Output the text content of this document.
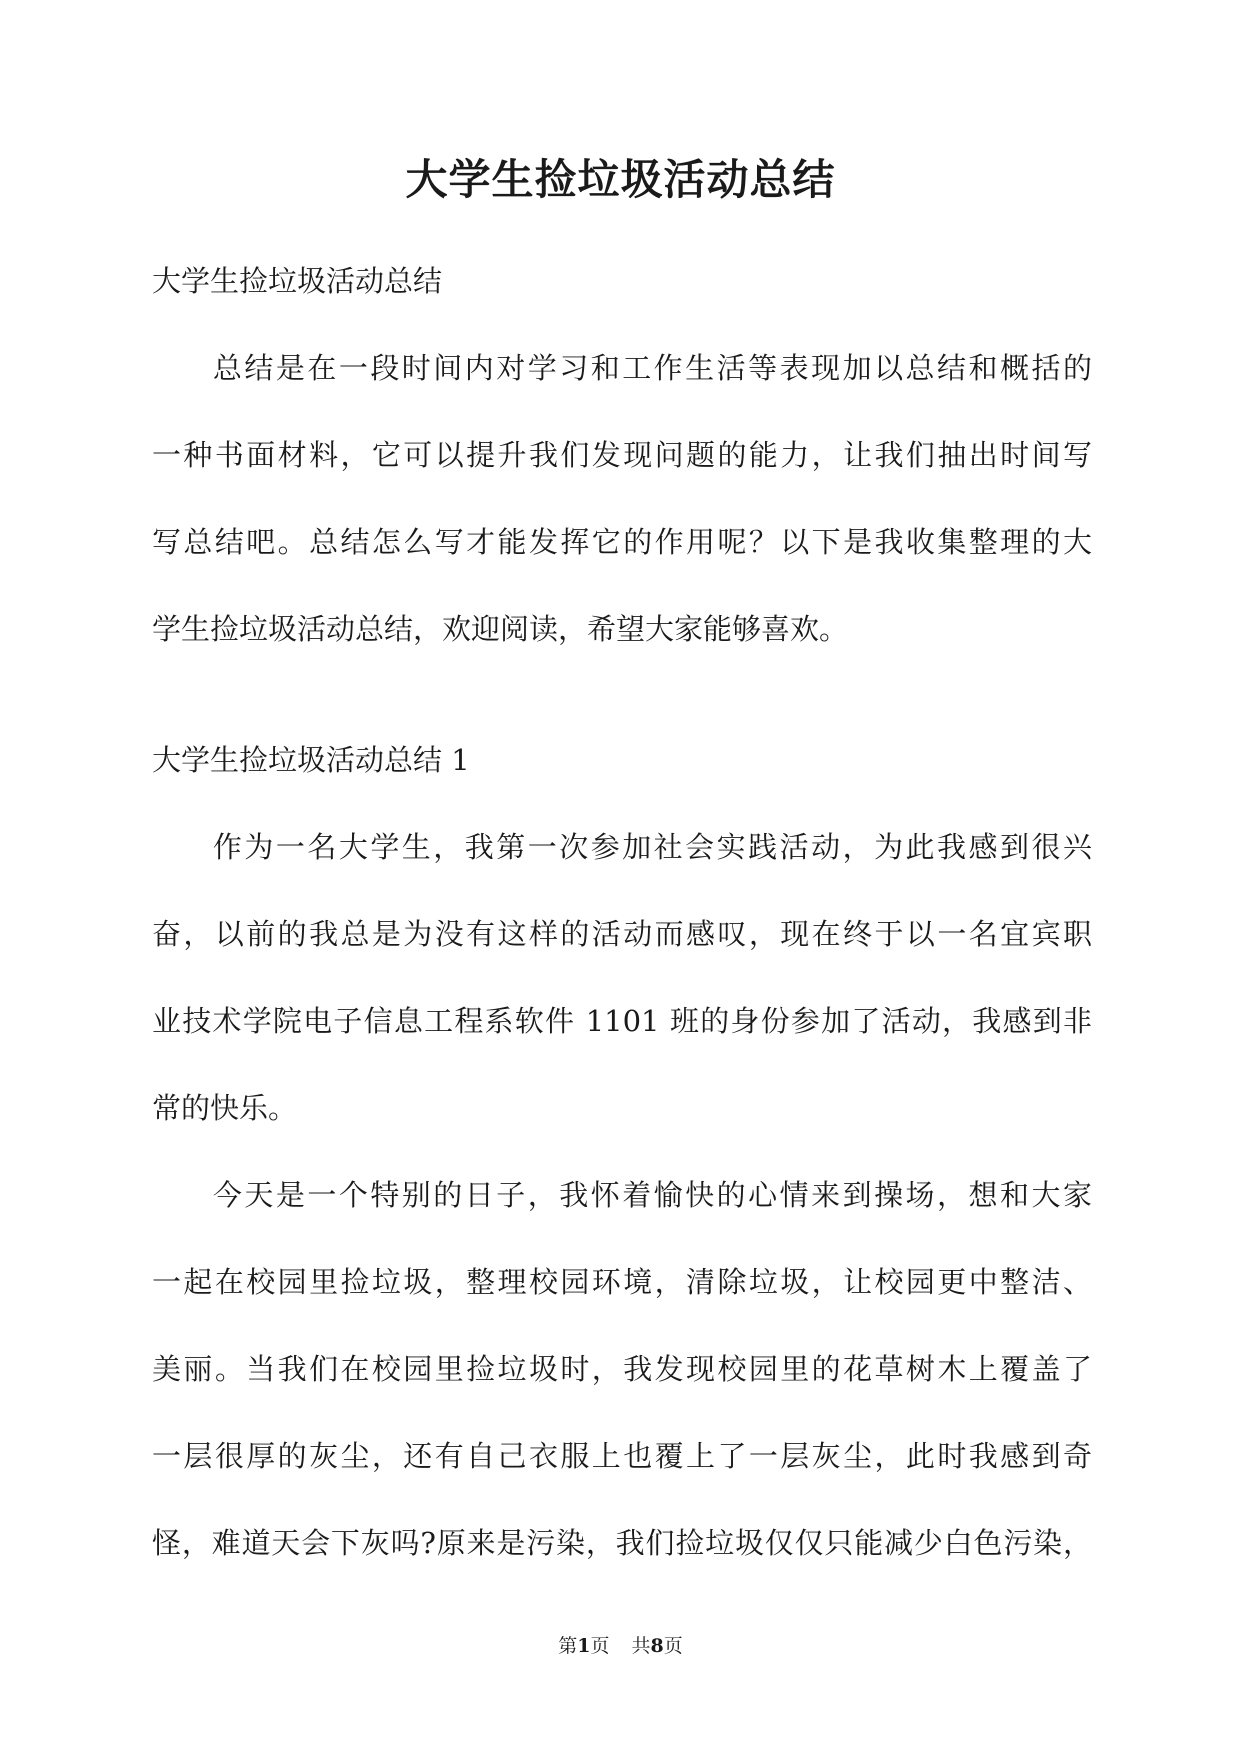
大学生捡垃圾活动总结

大学生捡垃圾活动总结

总结是在一段时间内对学习和工作生活等表现加以总结和概括的

一种书面材料，它可以提升我们发现问题的能力，让我们抽出时间写

写总结吧。总结怎么写才能发挥它的作用呢？以下是我收集整理的大

学生捡垃圾活动总结，欢迎阅读，希望大家能够喜欢。

大学生捡垃圾活动总结 1

作为一名大学生，我第一次参加社会实践活动，为此我感到很兴

奋，以前的我总是为没有这样的活动而感叹，现在终于以一名宜宾职

业技术学院电子信息工程系软件 1101 班的身份参加了活动，我感到非

常的快乐。

今天是一个特别的日子，我怀着愉快的心情来到操场，想和大家

一起在校园里捡垃圾，整理校园环境，清除垃圾，让校园更中整洁、

美丽。当我们在校园里捡垃圾时，我发现校园里的花草树木上覆盖了

一层很厚的灰尘，还有自己衣服上也覆上了一层灰尘，此时我感到奇

怪，难道天会下灰吗?原来是污染，我们捡垃圾仅仅只能减少白色污染，

第1页 共8页
